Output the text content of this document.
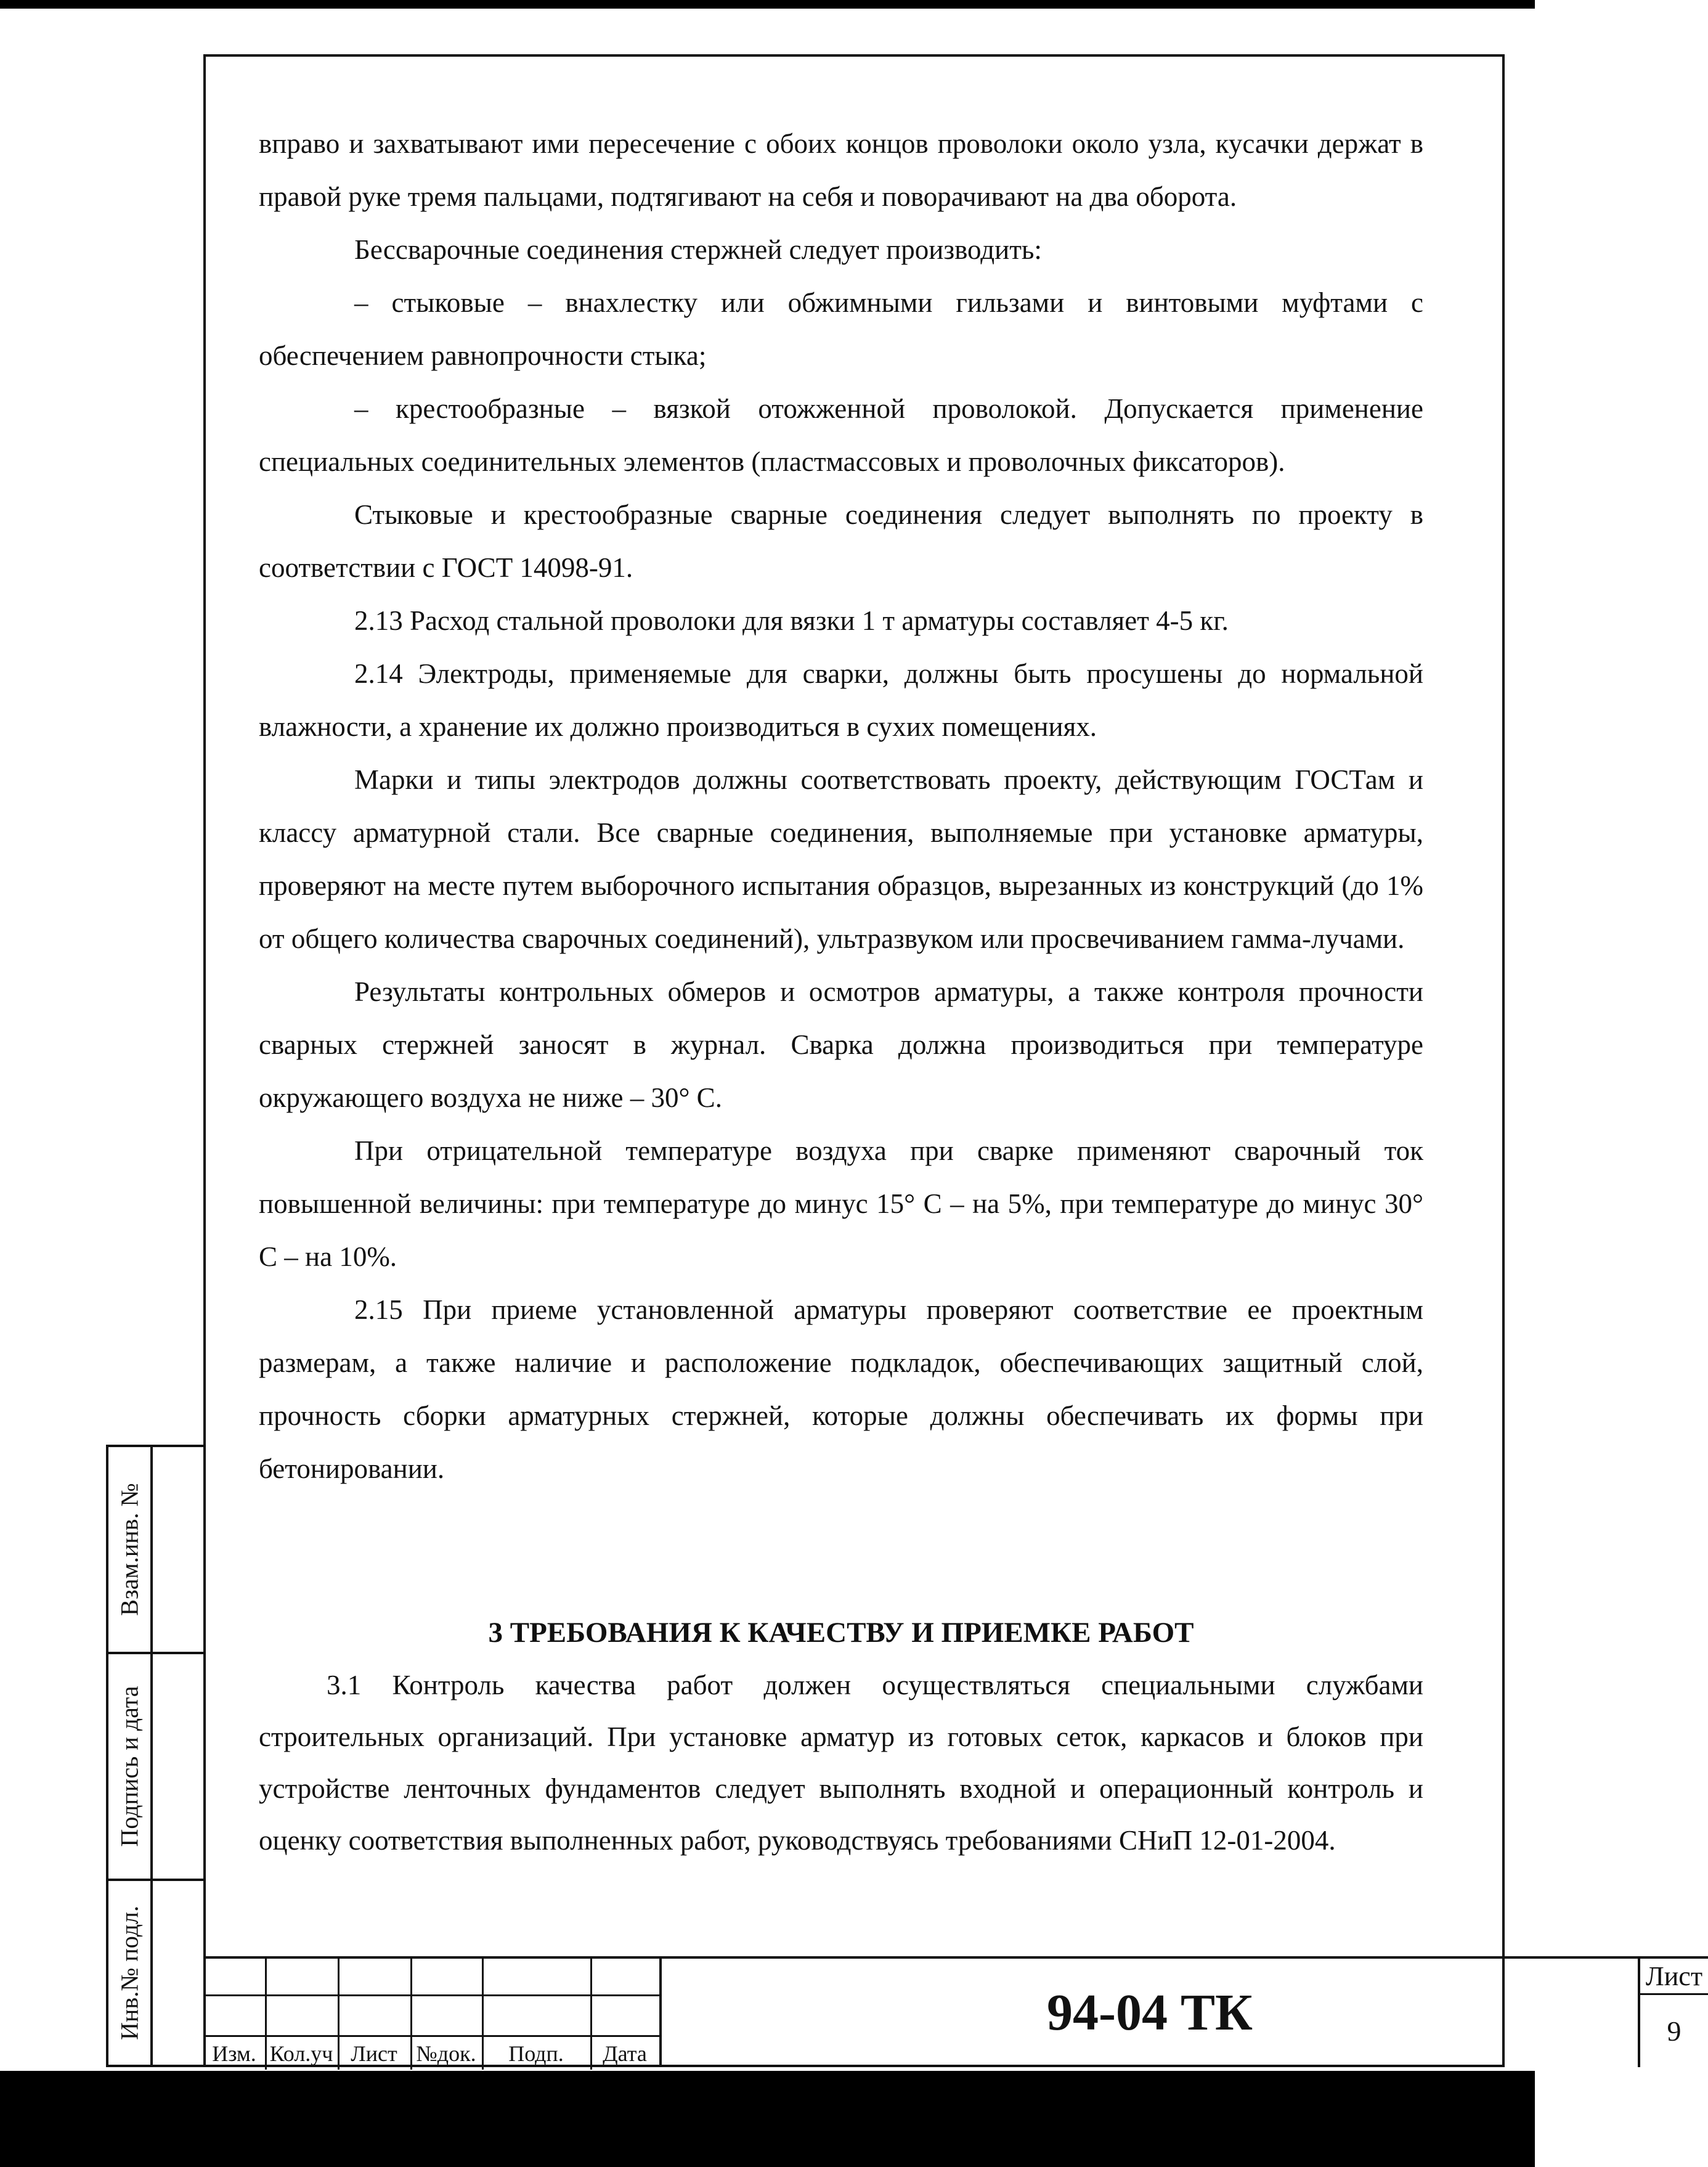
вправо и захватывают ими пересечение с обоих концов проволоки около узла, кусачки держат в правой руке тремя пальцами, подтягивают на себя и поворачивают на два оборота.

Бессварочные соединения стержней следует производить:

– стыковые – внахлестку или обжимными гильзами и винтовыми муфтами с обеспечением равнопрочности стыка;

– крестообразные – вязкой отожженной проволокой. Допускается применение специальных соединительных элементов (пластмассовых и проволочных фиксаторов).

Стыковые и крестообразные сварные соединения следует выполнять по проекту в соответствии с ГОСТ 14098-91.

2.13 Расход стальной проволоки для вязки 1 т арматуры составляет 4-5 кг.

2.14 Электроды, применяемые для сварки, должны быть просушены до нормальной влажности, а хранение их должно производиться в сухих помещениях.

Марки и типы электродов должны соответствовать проекту, действующим ГОСТам и классу арматурной стали. Все сварные соединения, выполняемые при установке арматуры, проверяют на месте путем выборочного испытания образцов, вырезанных из конструкций (до 1% от общего количества сварочных соединений), ультразвуком или просвечиванием гамма-лучами.

Результаты контрольных обмеров и осмотров арматуры, а также контроля прочности сварных стержней заносят в журнал. Сварка должна производиться при температуре окружающего воздуха не ниже – 30° С.

При отрицательной температуре воздуха при сварке применяют сварочный ток повышенной величины: при температуре до минус 15° С – на 5%, при температуре до минус 30° С – на 10%.

2.15 При приеме установленной арматуры проверяют соответствие ее проектным размерам, а также наличие и расположение подкладок, обеспечивающих защитный слой, прочность сборки арматурных стержней, которые должны обеспечивать их формы при бетонировании.

3 ТРЕБОВАНИЯ К КАЧЕСТВУ И ПРИЕМКЕ РАБОТ

3.1 Контроль качества работ должен осуществляться специальными службами строительных организаций. При установке арматур из готовых сеток, каркасов и блоков при устройстве ленточных фундаментов следует выполнять входной и операционный контроль и оценку соответствия выполненных работ, руководствуясь требованиями СНиП 12-01-2004.

Взам.инв. №
Подпись и дата
Инв.№ подл.
Изм. Кол.уч Лист №док.	Подп.	Дата
94-04 ТК
Лист
9
